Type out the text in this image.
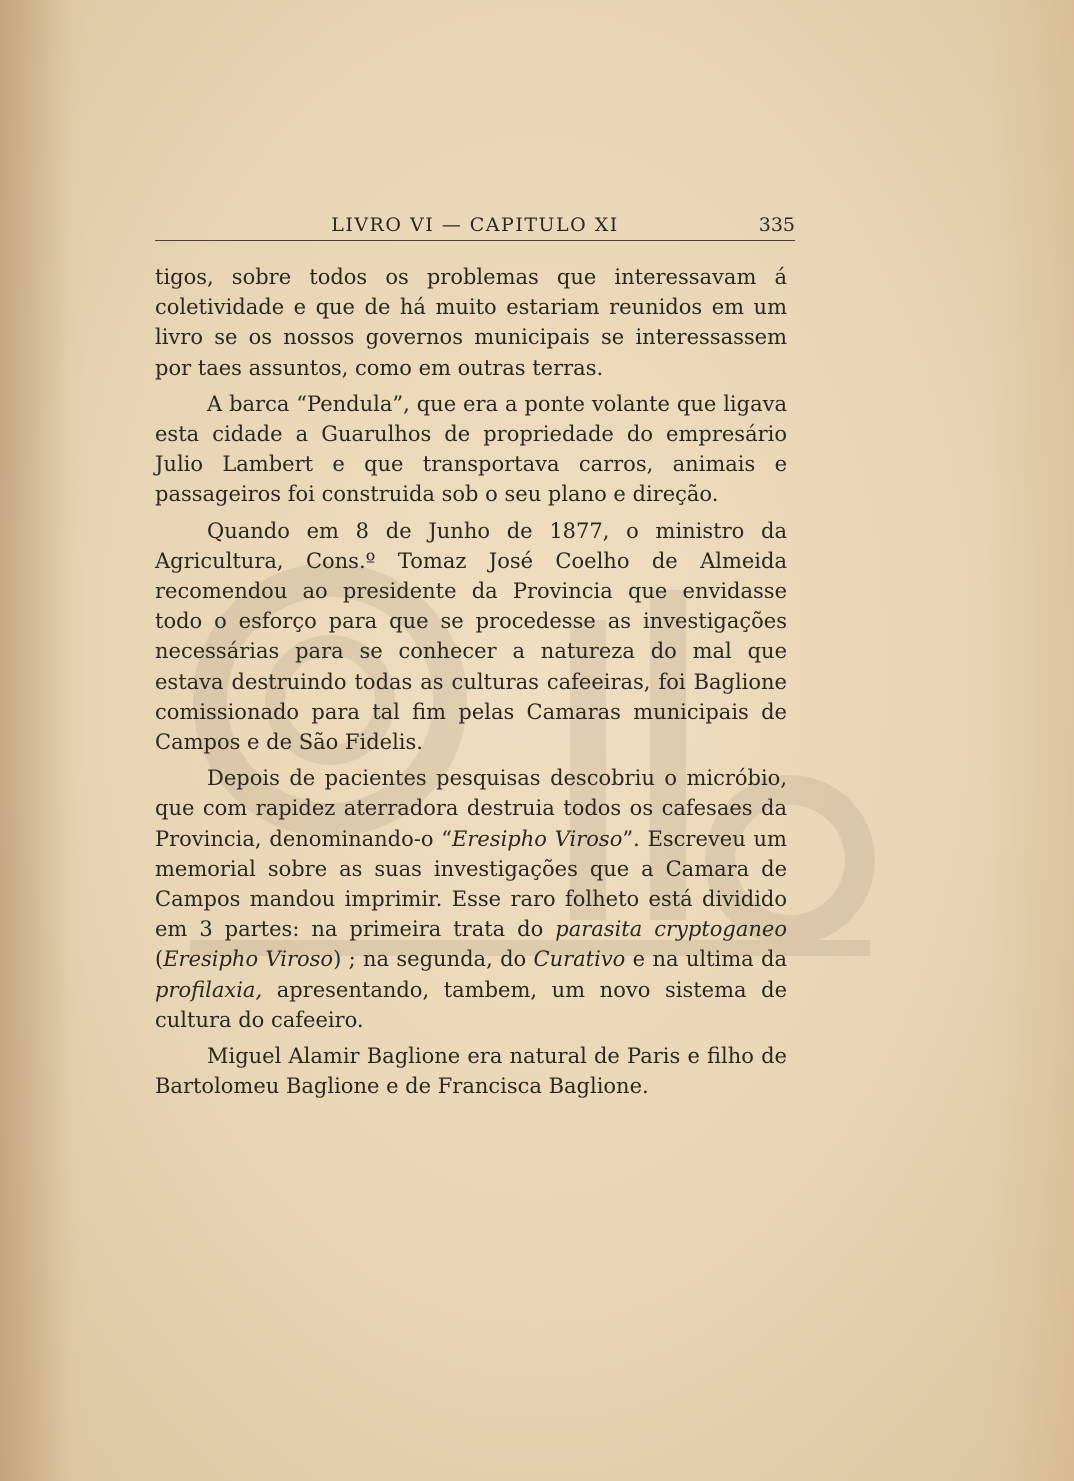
LIVRO VI — CAPITULO XI	335

tigos, sobre todos os problemas que interessavam á coletividade e que de há muito estariam reunidos em um livro se os nossos governos municipais se interessassem por taes assuntos, como em outras terras.

A barca “Pendula”, que era a ponte volante que ligava esta cidade a Guarulhos de propriedade do empresário Julio Lambert e que transportava carros, animais e passageiros foi construida sob o seu plano e direção.

Quando em 8 de Junho de 1877, o ministro da Agricultura, Cons.º Tomaz José Coelho de Almeida recomendou ao presidente da Provincia que envidasse todo o esforço para que se procedesse as investigações necessárias para se conhecer a natureza do mal que estava destruindo todas as culturas cafeeiras, foi Baglione comissionado para tal fim pelas Camaras municipais de Campos e de São Fidelis.

Depois de pacientes pesquisas descobriu o micróbio, que com rapidez aterradora destruia todos os cafesaes da Provincia, denominando-o “Eresipho Viroso”. Escreveu um memorial sobre as suas investigações que a Camara de Campos mandou imprimir. Esse raro folheto está dividido em 3 partes: na primeira trata do parasita cryptoganeo (Eresipho Viroso) ; na segunda, do Curativo e na ultima da profilaxia, apresentando, tambem, um novo sistema de cultura do cafeeiro.

Miguel Alamir Baglione era natural de Paris e filho de Bartolomeu Baglione e de Francisca Baglione.
